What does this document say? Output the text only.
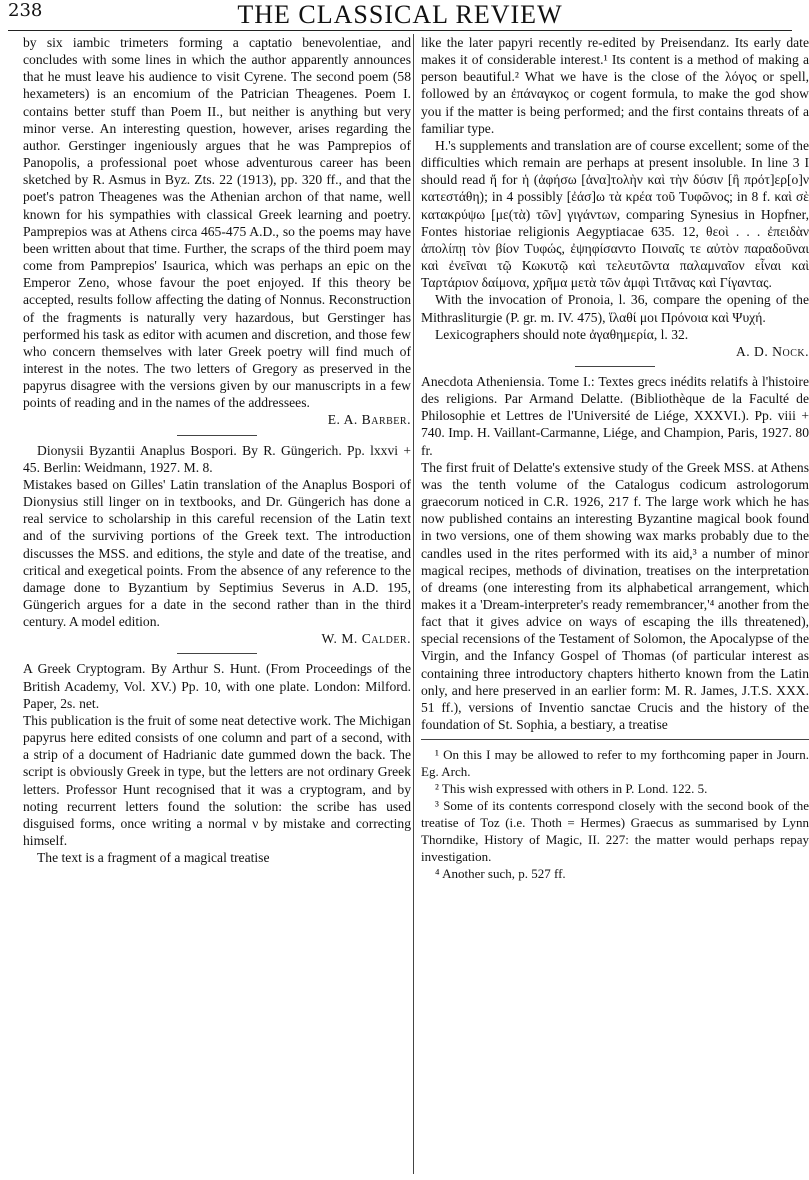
238	THE CLASSICAL REVIEW

by six iambic trimeters forming a captatio benevolentiae, and concludes with some lines in which the author apparently announces that he must leave his audience to visit Cyrene. The second poem (58 hexameters) is an encomium of the Patrician Theagenes. Poem I. contains better stuff than Poem II., but neither is anything but very minor verse. An interesting question, however, arises regarding the author. Gerstinger ingeniously argues that he was Pamprepios of Panopolis, a professional poet whose adventurous career has been sketched by R. Asmus in Byz. Zts. 22 (1913), pp. 320 ff., and that the poet's patron Theagenes was the Athenian archon of that name, well known for his sympathies with classical Greek learning and poetry. Pamprepios was at Athens circa 465-475 A.D., so the poems may have been written about that time. Further, the scraps of the third poem may come from Pamprepios' Isaurica, which was perhaps an epic on the Emperor Zeno, whose favour the poet enjoyed. If this theory be accepted, results follow affecting the dating of Nonnus. Reconstruction of the fragments is naturally very hazardous, but Gerstinger has performed his task as editor with acumen and discretion, and those few who concern themselves with later Greek poetry will find much of interest in the notes. The two letters of Gregory as preserved in the papyrus disagree with the versions given by our manuscripts in a few points of reading and in the names of the addressees.

E. A. Barber.

Dionysii Byzantii Anaplus Bospori. By R. Güngerich. Pp. lxxvi + 45. Berlin: Weidmann, 1927. M. 8.

Mistakes based on Gilles' Latin translation of the Anaplus Bospori of Dionysius still linger on in textbooks, and Dr. Güngerich has done a real service to scholarship in this careful recension of the Latin text and of the surviving portions of the Greek text. The introduction discusses the MSS. and editions, the style and date of the treatise, and critical and exegetical points. From the absence of any reference to the damage done to Byzantium by Septimius Severus in A.D. 195, Güngerich argues for a date in the second rather than in the third century. A model edition.

W. M. Calder.

A Greek Cryptogram. By Arthur S. Hunt. (From Proceedings of the British Academy, Vol. XV.) Pp. 10, with one plate. London: Milford. Paper, 2s. net.

This publication is the fruit of some neat detective work. The Michigan papyrus here edited consists of one column and part of a second, with a strip of a document of Hadrianic date gummed down the back. The script is obviously Greek in type, but the letters are not ordinary Greek letters. Professor Hunt recognised that it was a cryptogram, and by noting recurrent letters found the solution: the scribe has used disguised forms, once writing a normal ν by mistake and correcting himself.

The text is a fragment of a magical treatise

like the later papyri recently re-edited by Preisendanz. Its early date makes it of considerable interest.¹ Its content is a method of making a person beautiful.² What we have is the close of the λόγος or spell, followed by an ἐπάναγκος or cogent formula, to make the god show you if the matter is being performed; and the first contains threats of a familiar type.

H.'s supplements and translation are of course excellent; some of the difficulties which remain are perhaps at present insoluble. In line 3 I should read ἤ for ἡ (ἀφήσω [ἀνα]τολὴν καὶ τὴν δύσιν [ἢ πρότ]ερ[ο]ν κατεστάθη); in 4 possibly [ἐάσ]ω τὰ κρέα τοῦ Τυφῶνος; in 8 f. καὶ σὲ κατακρύψω [με(τὰ) τῶν] γιγάντων, comparing Synesius in Hopfner, Fontes historiae religionis Aegyptiacae 635. 12, θεοὶ . . . ἐπειδὰν ἀπολίπῃ τὸν βίον Τυφώς, ἐψηφίσαντο Ποιναῖς τε αὐτὸν παραδοῦναι καὶ ἐνεῖναι τῷ Κωκυτῷ καὶ τελευτῶντα παλαμναῖον εἶναι καὶ Ταρτάριον δαίμονα, χρῆμα μετὰ τῶν ἀμφὶ Τιτᾶνας καὶ Γίγαντας.

With the invocation of Pronoia, l. 36, compare the opening of the Mithrasliturgie (P. gr. m. IV. 475), ἵλαθί μοι Πρόνοια καὶ Ψυχή.

Lexicographers should note ἀγαθημερία, l. 32.

A. D. Nock.

Anecdota Atheniensia. Tome I.: Textes grecs inédits relatifs à l'histoire des religions. Par Armand Delatte. (Bibliothèque de la Faculté de Philosophie et Lettres de l'Université de Liége, XXXVI.). Pp. viii + 740. Imp. H. Vaillant-Carmanne, Liége, and Champion, Paris, 1927. 80 fr.

The first fruit of Delatte's extensive study of the Greek MSS. at Athens was the tenth volume of the Catalogus codicum astrologorum graecorum noticed in C.R. 1926, 217 f. The large work which he has now published contains an interesting Byzantine magical book found in two versions, one of them showing wax marks probably due to the candles used in the rites performed with its aid,³ a number of minor magical recipes, methods of divination, treatises on the interpretation of dreams (one interesting from its alphabetical arrangement, which makes it a 'Dream-interpreter's ready remembrancer,'⁴ another from the fact that it gives advice on ways of escaping the ills threatened), special recensions of the Testament of Solomon, the Apocalypse of the Virgin, and the Infancy Gospel of Thomas (of particular interest as containing three introductory chapters hitherto known from the Latin only, and here preserved in an earlier form: M. R. James, J.T.S. XXX. 51 ff.), versions of Inventio sanctae Crucis and the history of the foundation of St. Sophia, a bestiary, a treatise

¹ On this I may be allowed to refer to my forthcoming paper in Journ. Eg. Arch.

² This wish expressed with others in P. Lond. 122. 5.

³ Some of its contents correspond closely with the second book of the treatise of Toz (i.e. Thoth = Hermes) Graecus as summarised by Lynn Thorndike, History of Magic, II. 227: the matter would perhaps repay investigation.

⁴ Another such, p. 527 ff.
